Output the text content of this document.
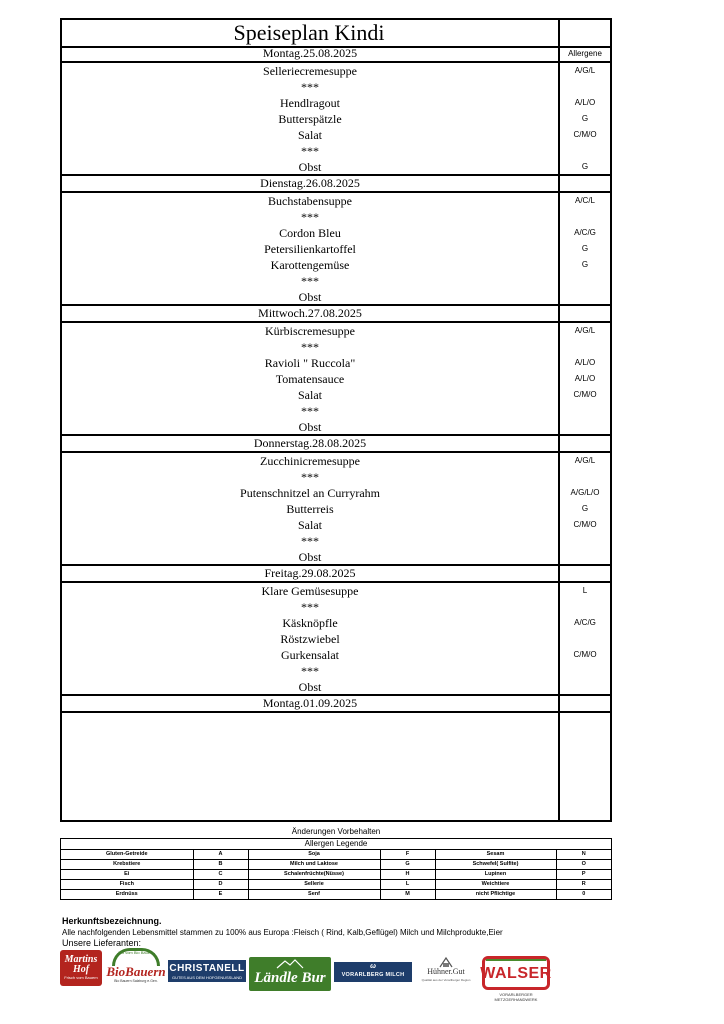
Speiseplan Kindi
Montag.25.08.2025	Allergene
Selleriecremesuppe	A/G/L
***
Hendlragout	A/L/O
Butterspätzle	G
Salat	C/M/O
***
Obst	G
Dienstag.26.08.2025
Buchstabensuppe	A/C/L
***
Cordon Bleu	A/C/G
Petersilienkartoffel	G
Karottengemüse	G
***
Obst
Mittwoch.27.08.2025
Kürbiscremesuppe	A/G/L
***
Ravioli " Ruccola"	A/L/O
Tomatensauce	A/L/O
Salat	C/M/O
***
Obst
Donnerstag.28.08.2025
Zucchinicremesuppe	A/G/L
***
Putenschnitzel an Curryrahm	A/G/L/O
Butterreis	G
Salat	C/M/O
***
Obst
Freitag.29.08.2025
Klare Gemüsesuppe	L
***
Käsknöpfle	A/C/G
Röstzwiebel
Gurkensalat	C/M/O
***
Obst
Montag.01.09.2025
Änderungen Vorbehalten
Allergen Legende
Gluten-Getreide	A	Soja	F	Sesam	N
Krebstiere	B	Milch und Laktose	G	Schwefel( Sulfite)	O
Ei	C	Schalenfrüchte(Nüsse)	H	Lupinen	P
Fisch	D	Sellerie	L	Weichtiere	R
Erdnüss	E	Senf	M	nicht Pflichtige	0
Herkunftsbezeichnung.
Alle nachfolgenden Lebensmittel stammen zu 100% aus Europa :Fleisch ( Rind, Kalb,Geflügel) Milch und Milchprodukte,Eier
Unsere Lieferanten:
Martins
Hof
Frisch vom Bauern
Bio vom Bio Bauern
BioBauern
Bio Bauern Salzburg e.Gen.
CHRISTANELL
GUTES AUS DEM HOFGENUSSLAND Ländle Bur
ω
VORARLBERG MILCH	Hühner.Gut
Qualität aus der Vorarlberger Region WALSER
VORARLBERGER METZGERHANDWERK
